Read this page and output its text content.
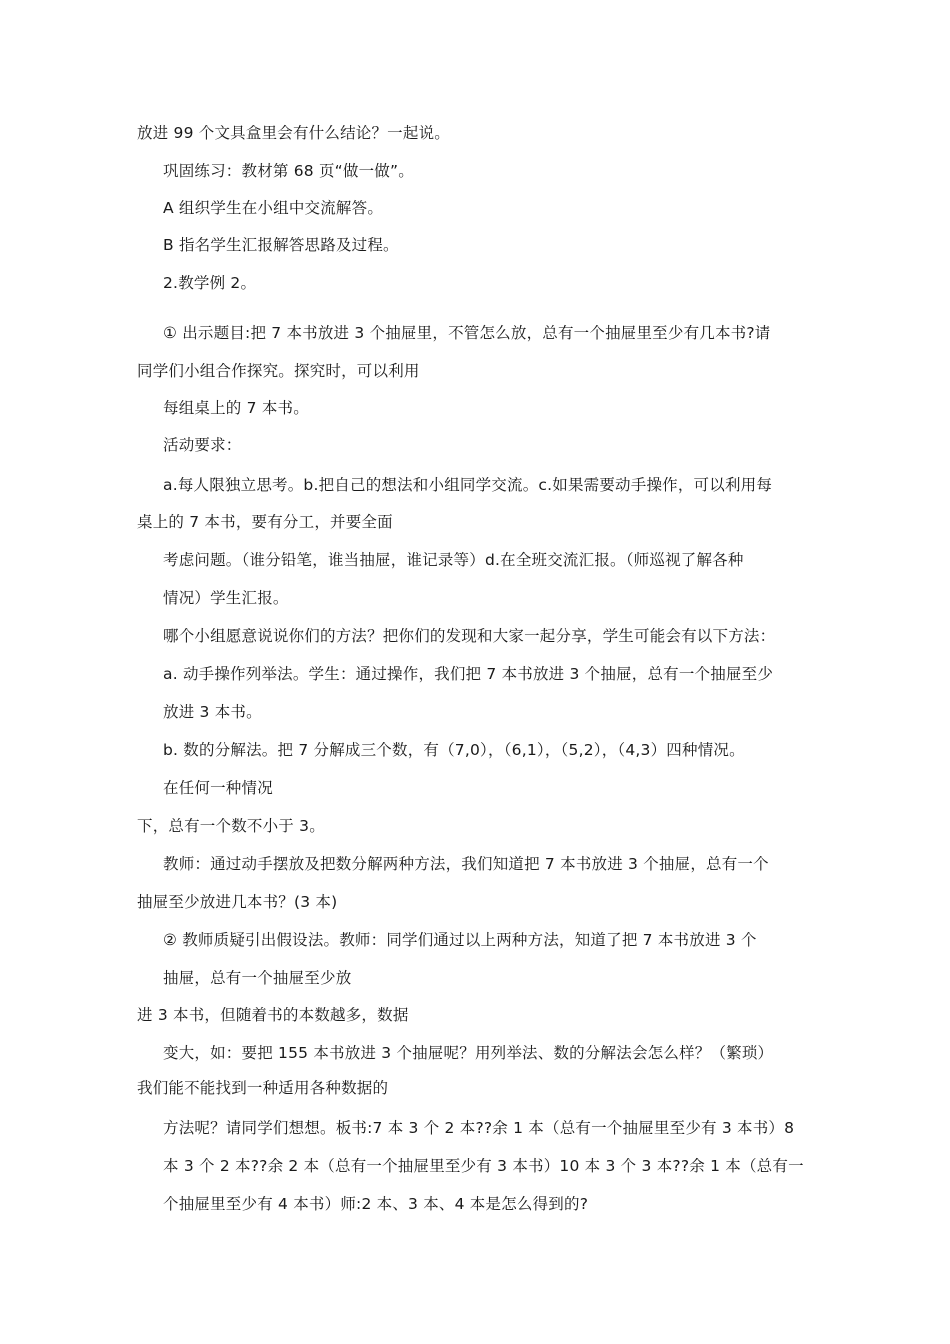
放进 99 个文具盒里会有什么结论？一起说。
巩固练习：教材第 68 页“做一做”。
A 组织学生在小组中交流解答。
B 指名学生汇报解答思路及过程。
2.教学例 2。
① 出示题目:把 7 本书放进 3 个抽屉里，不管怎么放，总有一个抽屉里至少有几本书?请
同学们小组合作探究。探究时，可以利用
每组桌上的 7 本书。
活动要求：
a.每人限独立思考。b.把自己的想法和小组同学交流。c.如果需要动手操作，可以利用每
桌上的 7 本书，要有分工，并要全面
考虑问题。（谁分铅笔，谁当抽屉，谁记录等）d.在全班交流汇报。（师巡视了解各种
情况）学生汇报。
哪个小组愿意说说你们的方法？把你们的发现和大家一起分享，学生可能会有以下方法：
a. 动手操作列举法。学生：通过操作，我们把 7 本书放进 3 个抽屉，总有一个抽屉至少
放进 3 本书。
b. 数的分解法。把 7 分解成三个数，有（7,0），（6,1），（5,2），（4,3）四种情况。
在任何一种情况
下，总有一个数不小于 3。
教师：通过动手摆放及把数分解两种方法，我们知道把 7 本书放进 3 个抽屉，总有一个
抽屉至少放进几本书？(3 本)
② 教师质疑引出假设法。教师：同学们通过以上两种方法，知道了把 7 本书放进 3 个
抽屉，总有一个抽屉至少放
进 3 本书，但随着书的本数越多，数据
变大，如：要把 155 本书放进 3 个抽屉呢？用列举法、数的分解法会怎么样？（繁琐）
我们能不能找到一种适用各种数据的
方法呢？请同学们想想。板书:7 本 3 个 2 本??余 1 本（总有一个抽屉里至少有 3 本书）8
本 3 个 2 本??余 2 本（总有一个抽屉里至少有 3 本书）10 本 3 个 3 本??余 1 本（总有一
个抽屉里至少有 4 本书）师:2 本、3 本、4 本是怎么得到的?
